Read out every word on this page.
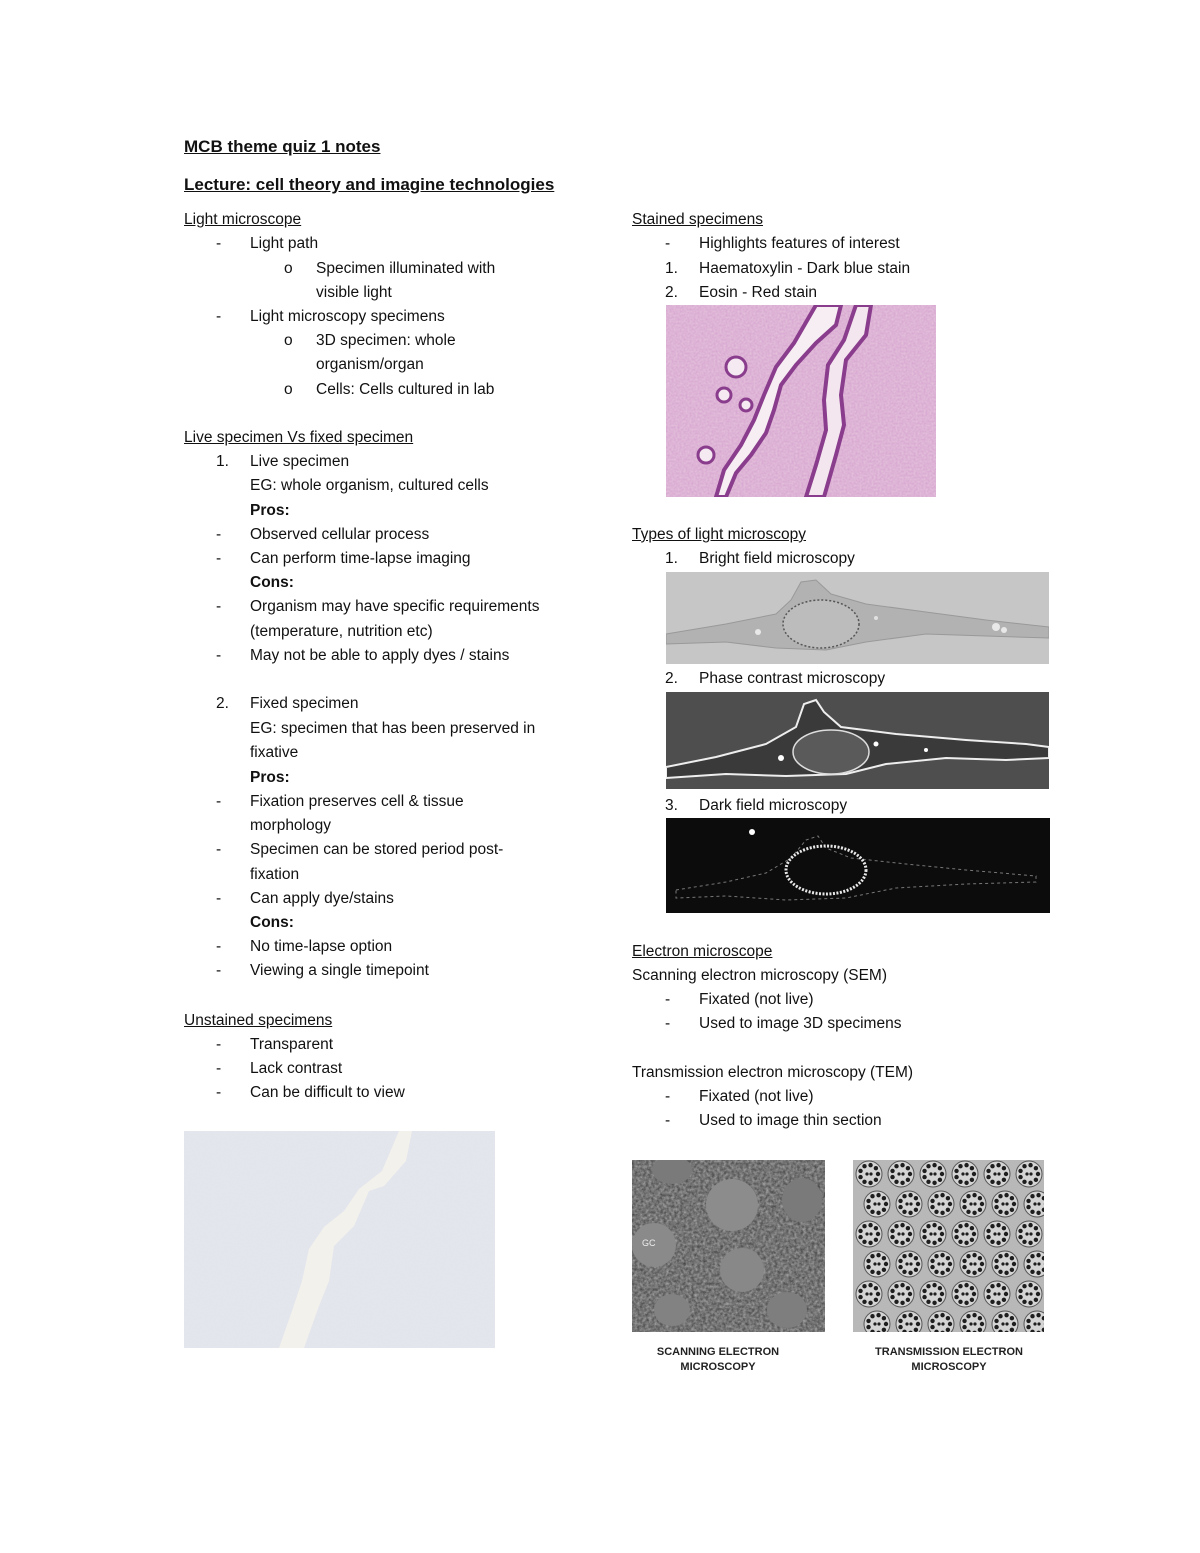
MCB theme quiz 1 notes
Lecture: cell theory and imagine technologies
Light microscope
- Light path
o Specimen illuminated with
visible light
- Light microscopy specimens
o 3D specimen: whole
organism/organ
o Cells: Cells cultured in lab
Live specimen Vs fixed specimen
1. Live specimen
EG: whole organism, cultured cells
Pros:
- Observed cellular process
- Can perform time-lapse imaging
Cons:
- Organism may have specific requirements
(temperature, nutrition etc)
- May not be able to apply dyes / stains
2. Fixed specimen
EG: specimen that has been preserved in
fixative
Pros:
- Fixation preserves cell & tissue
morphology
- Specimen can be stored period post-
fixation
- Can apply dye/stains
Cons:
- No time-lapse option
- Viewing a single timepoint
Unstained specimens
- Transparent
- Lack contrast
- Can be difficult to view
Stained specimens
- Highlights features of interest
1. Haematoxylin - Dark blue stain
2. Eosin - Red stain
Types of light microscopy
1. Bright field microscopy
2. Phase contrast microscopy
3. Dark field microscopy
Electron microscope
Scanning electron microscopy (SEM)
- Fixated (not live)
- Used to image 3D specimens
Transmission electron microscopy (TEM)
- Fixated (not live)
- Used to image thin section
GC
SCANNING ELECTRON
MICROSCOPY
TRANSMISSION ELECTRON
MICROSCOPY
